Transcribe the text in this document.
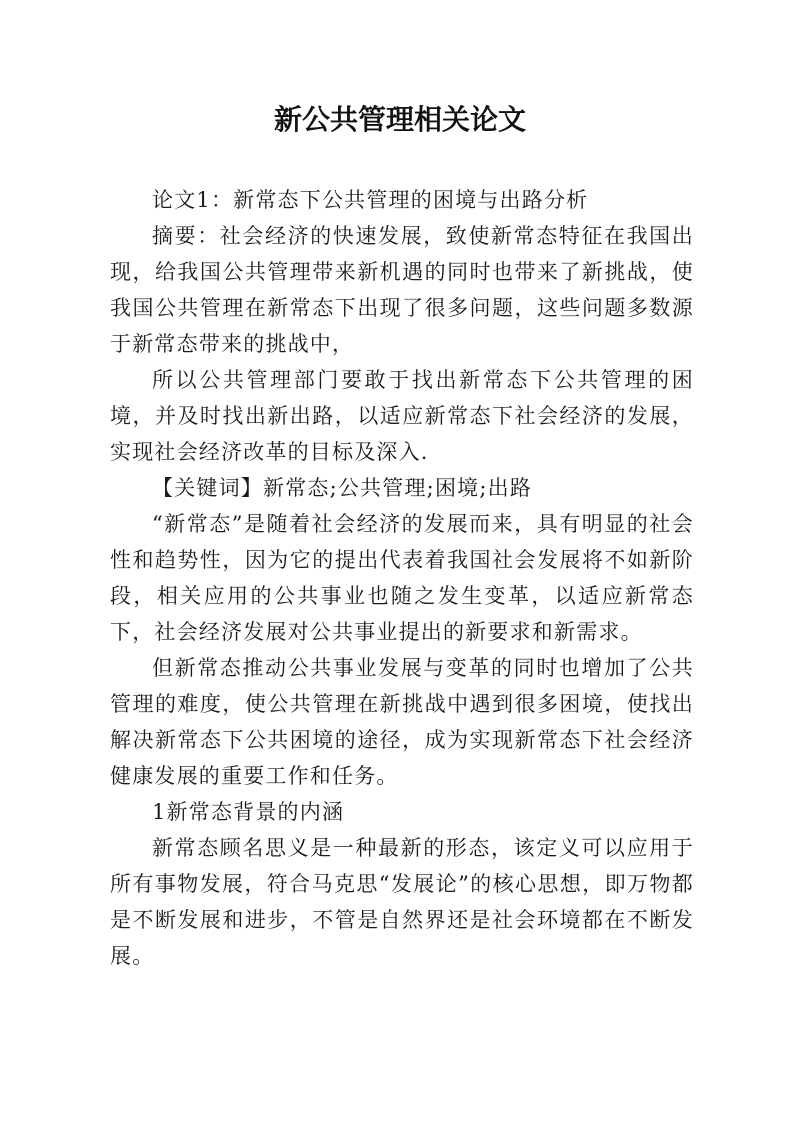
新公共管理相关论文

论文1：新常态下公共管理的困境与出路分析

摘要：社会经济的快速发展，致使新常态特征在我国出现，给我国公共管理带来新机遇的同时也带来了新挑战，使我国公共管理在新常态下出现了很多问题，这些问题多数源于新常态带来的挑战中，

所以公共管理部门要敢于找出新常态下公共管理的困境，并及时找出新出路，以适应新常态下社会经济的发展，实现社会经济改革的目标及深入.

【关键词】新常态;公共管理;困境;出路

“新常态”是随着社会经济的发展而来，具有明显的社会性和趋势性，因为它的提出代表着我国社会发展将不如新阶段，相关应用的公共事业也随之发生变革，以适应新常态下，社会经济发展对公共事业提出的新要求和新需求。

但新常态推动公共事业发展与变革的同时也增加了公共管理的难度，使公共管理在新挑战中遇到很多困境，使找出解决新常态下公共困境的途径，成为实现新常态下社会经济健康发展的重要工作和任务。

1新常态背景的内涵

新常态顾名思义是一种最新的形态，该定义可以应用于所有事物发展，符合马克思“发展论”的核心思想，即万物都是不断发展和进步，不管是自然界还是社会环境都在不断发展。
